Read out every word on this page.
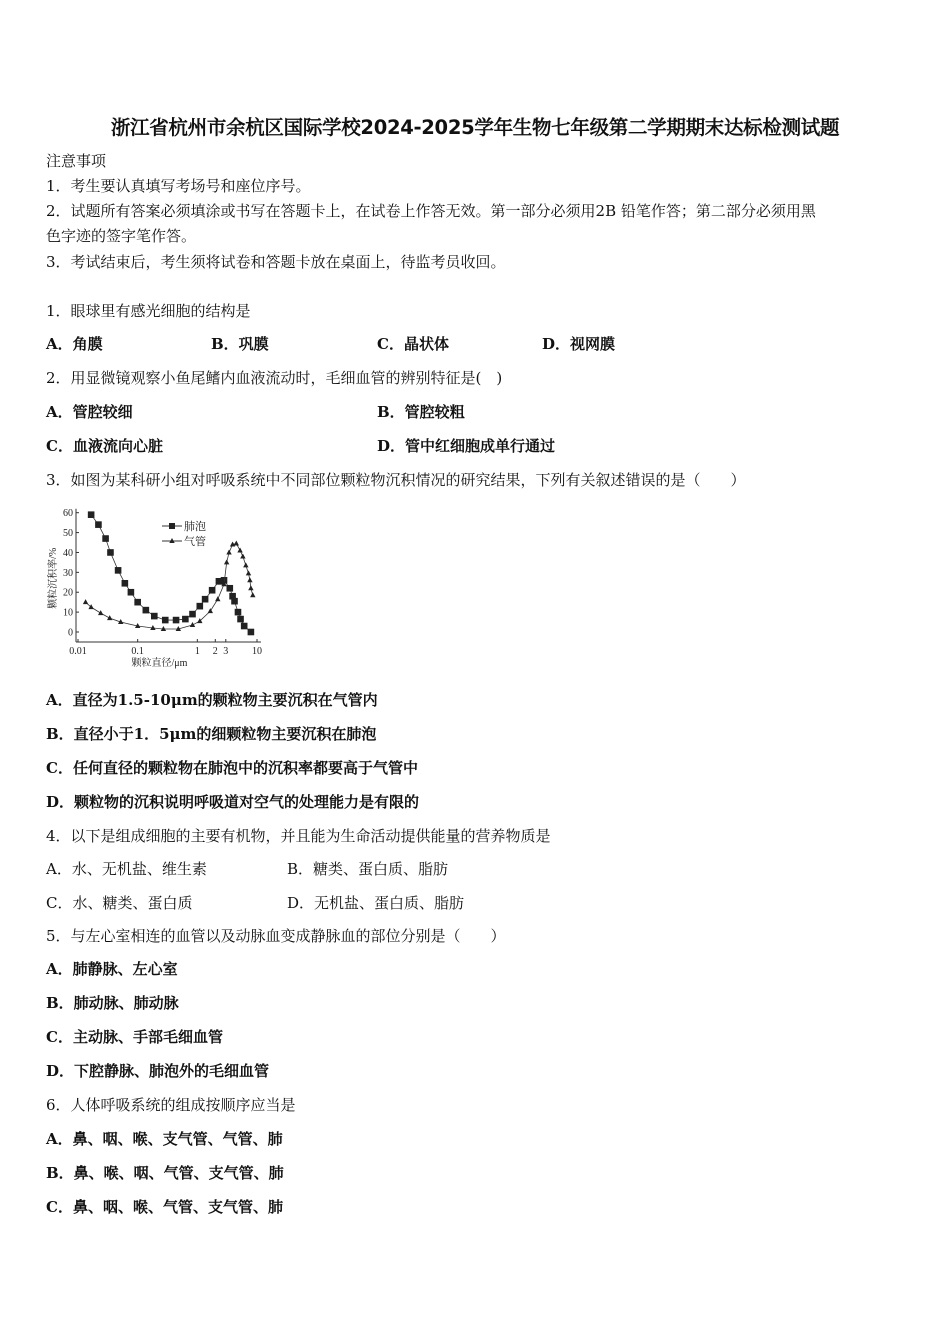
浙江省杭州市余杭区国际学校2024-2025学年生物七年级第二学期期末达标检测试题
注意事项
1．考生要认真填写考场号和座位序号。
2．试题所有答案必须填涂或书写在答题卡上，在试卷上作答无效。第一部分必须用2B 铅笔作答；第二部分必须用黑
色字迹的签字笔作答。
3．考试结束后，考生须将试卷和答题卡放在桌面上，待监考员收回。
1．眼球里有感光细胞的结构是
A．角膜	B．巩膜	C．晶状体	D．视网膜
2．用显微镜观察小鱼尾鳍内血液流动时，毛细血管的辨别特征是(　)
A．管腔较细	B．管腔较粗
C．血液流向心脏	D．管中红细胞成单行通过
3．如图为某科研小组对呼吸系统中不同部位颗粒物沉积情况的研究结果，下列有关叙述错误的是（　　）
0
10
20
30
40
50
60
0.01	0.1	1 2 3 10
颗粒直径/μm
颗粒沉积率/%
肺泡
气管
A．直径为1.5-10μm的颗粒物主要沉积在气管内
B．直径小于1．5μm的细颗粒物主要沉积在肺泡
C．任何直径的颗粒物在肺泡中的沉积率都要高于气管中
D．颗粒物的沉积说明呼吸道对空气的处理能力是有限的
4．以下是组成细胞的主要有机物，并且能为生命活动提供能量的营养物质是
A．水、无机盐、维生素	B．糖类、蛋白质、脂肪
C．水、糖类、蛋白质	D．无机盐、蛋白质、脂肪
5．与左心室相连的血管以及动脉血变成静脉血的部位分别是（　　）
A．肺静脉、左心室
B．肺动脉、肺动脉
C．主动脉、手部毛细血管
D．下腔静脉、肺泡外的毛细血管
6．人体呼吸系统的组成按顺序应当是
A．鼻、咽、喉、支气管、气管、肺
B．鼻、喉、咽、气管、支气管、肺
C．鼻、咽、喉、气管、支气管、肺
